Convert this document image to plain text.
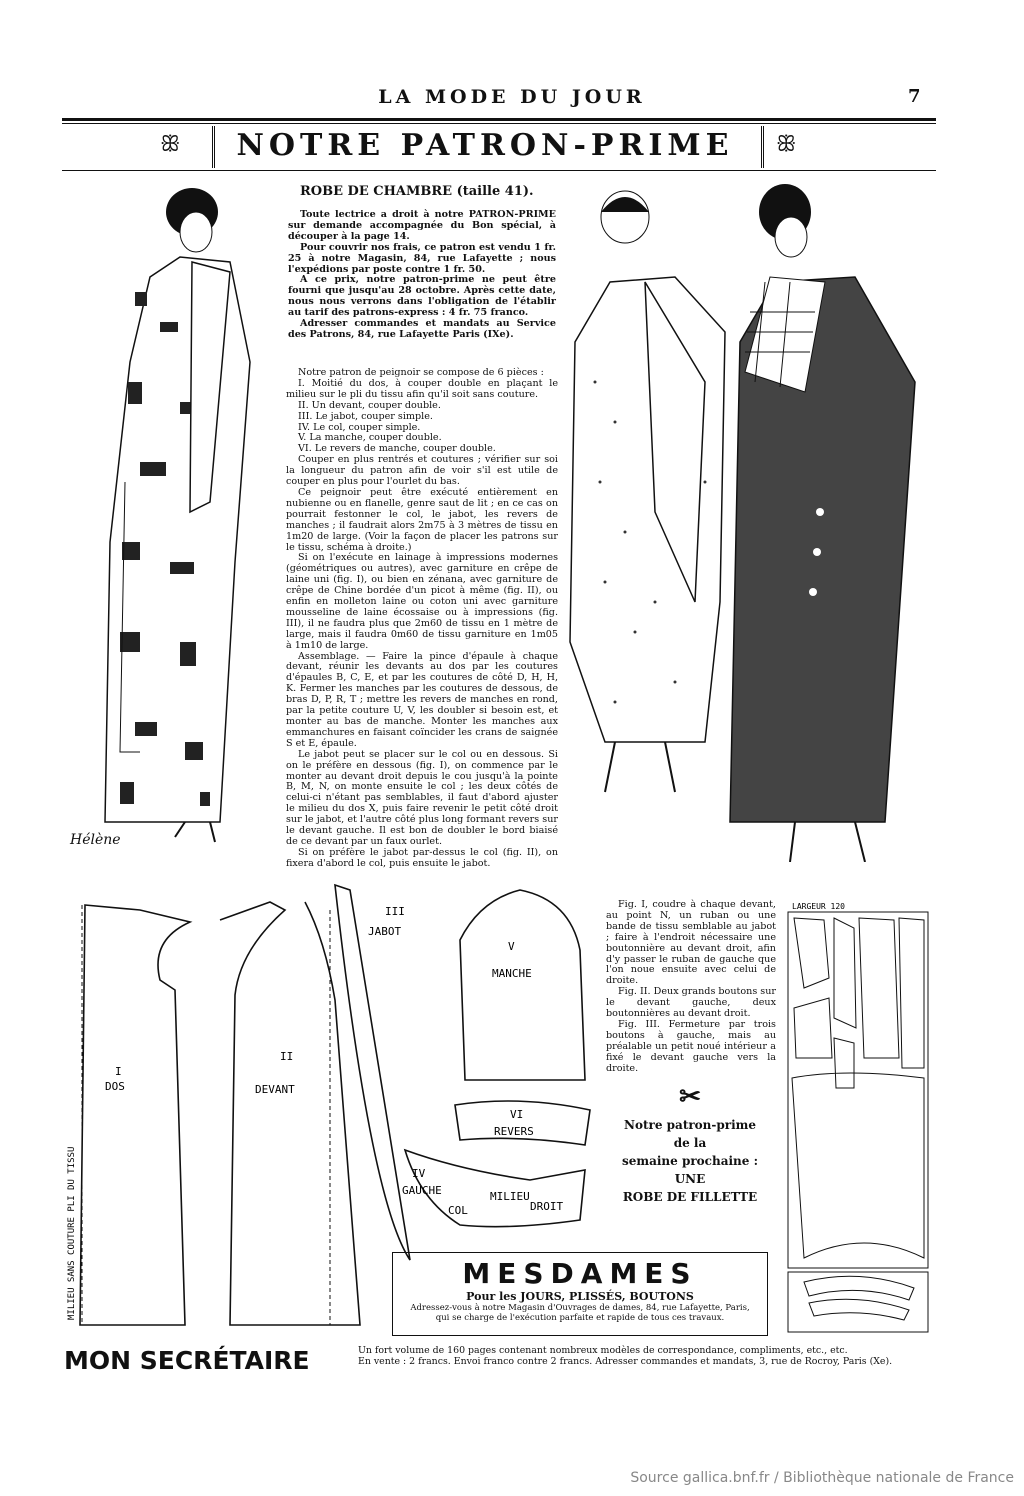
LA MODE DU JOUR	7
NOTRE PATRON-PRIME
ꕥ	ꕥ
Hélène
ROBE DE CHAMBRE (taille 41).

Toute lectrice a droit à notre PATRON-PRIME sur demande accompagnée du Bon spécial, à découper à la page 14.

Pour couvrir nos frais, ce patron est vendu 1 fr. 25 à notre Magasin, 84, rue Lafayette ; nous l'expédions par poste contre 1 fr. 50.

A ce prix, notre patron-prime ne peut être fourni que jusqu'au 28 octobre. Après cette date, nous nous verrons dans l'obligation de l'établir au tarif des patrons-express : 4 fr. 75 franco.

Adresser commandes et mandats au Service des Patrons, 84, rue Lafayette Paris (IXe).

Notre patron de peignoir se compose de 6 pièces :

I. Moitié du dos, à couper double en plaçant le milieu sur le pli du tissu afin qu'il soit sans couture.

II. Un devant, couper double.

III. Le jabot, couper simple.

IV. Le col, couper simple.

V. La manche, couper double.

VI. Le revers de manche, couper double.

Couper en plus rentrés et coutures ; vérifier sur soi la longueur du patron afin de voir s'il est utile de couper en plus pour l'ourlet du bas.

Ce peignoir peut être exécuté entièrement en nubienne ou en flanelle, genre saut de lit ; en ce cas on pourrait festonner le col, le jabot, les revers de manches ; il faudrait alors 2m75 à 3 mètres de tissu en 1m20 de large. (Voir la façon de placer les patrons sur le tissu, schéma à droite.)

Si on l'exécute en lainage à impressions modernes (géométriques ou autres), avec garniture en crêpe de laine uni (fig. I), ou bien en zénana, avec garniture de crêpe de Chine bordée d'un picot à même (fig. II), ou enfin en molleton laine ou coton uni avec garniture mousseline de laine écossaise ou à impressions (fig. III), il ne faudra plus que 2m60 de tissu en 1 mètre de large, mais il faudra 0m60 de tissu garniture en 1m05 à 1m10 de large.

Assemblage. — Faire la pince d'épaule à chaque devant, réunir les devants au dos par les coutures d'épaules B, C, E, et par les coutures de côté D, H, H, K. Fermer les manches par les coutures de dessous, de bras D, P, R, T ; mettre les revers de manches en rond, par la petite couture U, V, les doubler si besoin est, et monter au bas de manche. Monter les manches aux emmanchures en faisant coïncider les crans de saignée S et E, épaule.

Le jabot peut se placer sur le col ou en dessous. Si on le préfère en dessous (fig. I), on commence par le monter au devant droit depuis le cou jusqu'à la pointe B, M, N, on monte ensuite le col ; les deux côtés de celui-ci n'étant pas semblables, il faut d'abord ajuster le milieu du dos X, puis faire revenir le petit côté droit sur le jabot, et l'autre côté plus long formant revers sur le devant gauche. Il est bon de doubler le bord biaisé de ce devant par un faux ourlet.

Si on préfère le jabot par-dessus le col (fig. II), on fixera d'abord le col, puis ensuite le jabot.

Fig. I, coudre à chaque devant, au point N, un ruban ou une bande de tissu semblable au jabot ; faire à l'endroit nécessaire une boutonnière au devant droit, afin d'y passer le ruban de gauche que l'on noue ensuite avec celui de droite.

Fig. II. Deux grands boutons sur le devant gauche, deux boutonnières au devant droit.

Fig. III. Fermeture par trois boutons à gauche, mais au préalable un petit noué intérieur a fixé le devant gauche vers la droite.

I
DOS
II
DEVANT
III
JABOT
V
MANCHE
VI
REVERS
IV
GAUCHE
COL
MILIEU
DROIT
MILIEU SANS COUTURE PLI DU TISSU
✂
Notre patron-prime
de la
semaine prochaine :
UNE
ROBE DE FILLETTE
LARGEUR 120
MESDAMES
Pour les JOURS, PLISSÉS, BOUTONS
Adressez-vous à notre Magasin d'Ouvrages de dames, 84, rue Lafayette, Paris,
qui se charge de l'exécution parfaite et rapide de tous ces travaux.
MON SECRÉTAIRE	Un fort volume de 160 pages contenant nombreux modèles de correspondance, compliments, etc., etc.
En vente : 2 francs. Envoi franco contre 2 francs. Adresser commandes et mandats, 3, rue de Rocroy, Paris (Xe).
Source gallica.bnf.fr / Bibliothèque nationale de France
